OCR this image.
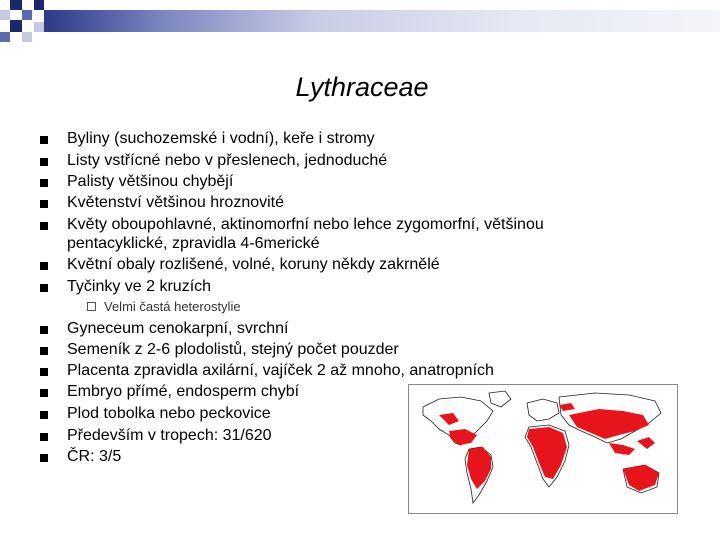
Lythraceae
Byliny (suchozemské i vodní), keře i stromy
Listy vstřícné nebo v přeslenech, jednoduché
Palisty většinou chybějí
Květenství většinou hroznovité
Květy oboupohlavné, aktinomorfní nebo lehce zygomorfní, většinou
pentacyklické, zpravidla 4-6merické
Květní obaly rozlišené, volné, koruny někdy zakrnělé
Tyčinky ve 2 kruzích
Velmi častá heterostylie
Gyneceum cenokarpní, svrchní
Semeník z 2-6 plodolistů, stejný počet pouzder
Placenta zpravidla axilární, vajíček 2 až mnoho, anatropních
Embryo přímé, endosperm chybí
Plod tobolka nebo peckovice
Především v tropech: 31/620
ČR: 3/5
